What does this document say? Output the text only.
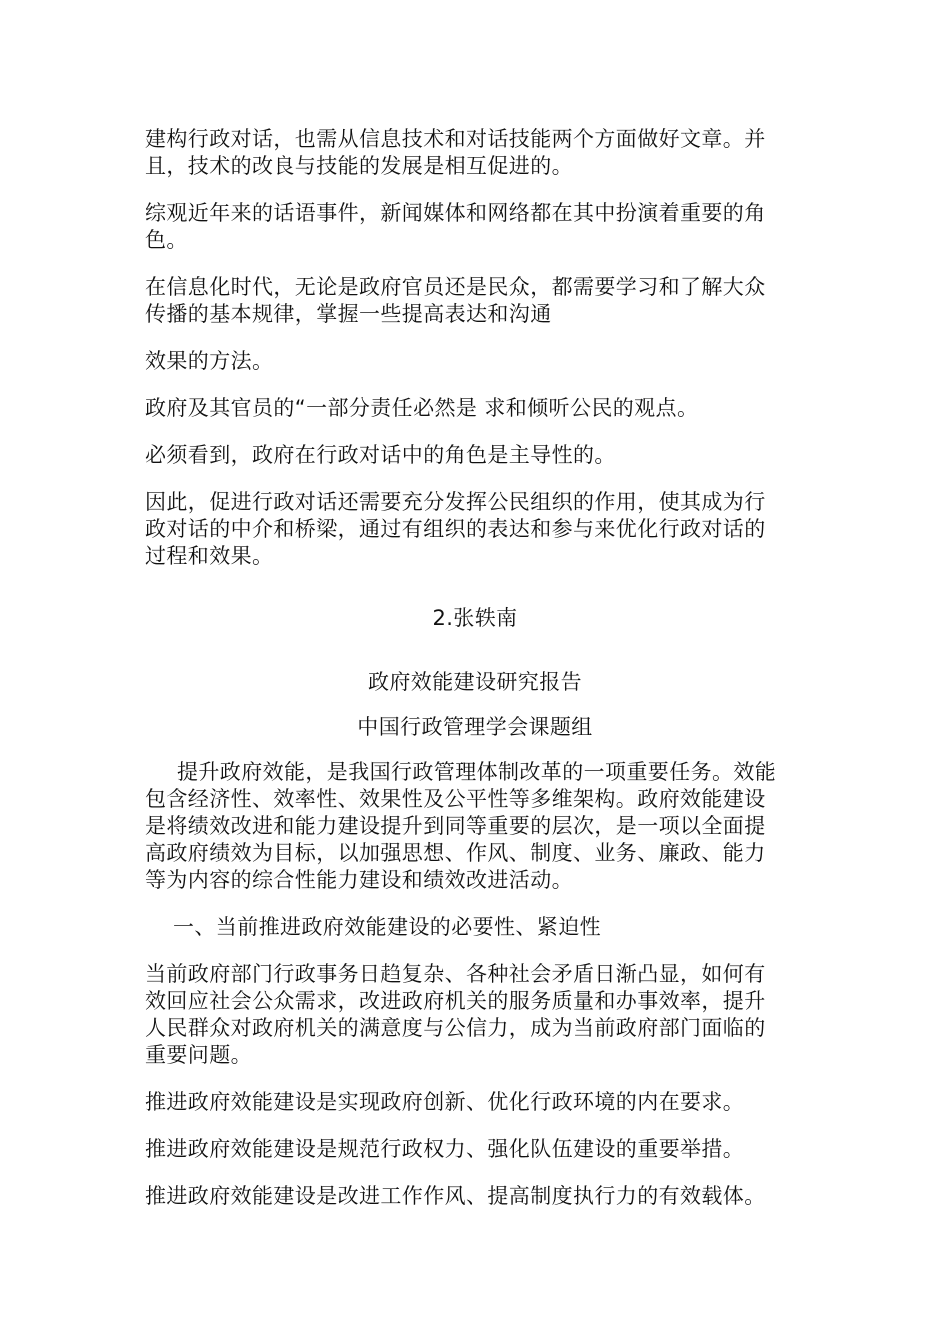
建构行政对话，也需从信息技术和对话技能两个方面做好文章。并
且，技术的改良与技能的发展是相互促进的。

综观近年来的话语事件，新闻媒体和网络都在其中扮演着重要的角
色。

在信息化时代，无论是政府官员还是民众，都需要学习和了解大众
传播的基本规律，掌握一些提高表达和沟通

效果的方法。

政府及其官员的“一部分责任必然是 求和倾听公民的观点。

必须看到，政府在行政对话中的角色是主导性的。

因此，促进行政对话还需要充分发挥公民组织的作用，使其成为行
政对话的中介和桥梁，通过有组织的表达和参与来优化行政对话的
过程和效果。

2.张轶南

政府效能建设研究报告

中国行政管理学会课题组

提升政府效能，是我国行政管理体制改革的一项重要任务。效能
包含经济性、效率性、效果性及公平性等多维架构。政府效能建设
是将绩效改进和能力建设提升到同等重要的层次，是一项以全面提
高政府绩效为目标，以加强思想、作风、制度、业务、廉政、能力
等为内容的综合性能力建设和绩效改进活动。

一、当前推进政府效能建设的必要性、紧迫性

当前政府部门行政事务日趋复杂、各种社会矛盾日渐凸显，如何有
效回应社会公众需求，改进政府机关的服务质量和办事效率，提升
人民群众对政府机关的满意度与公信力，成为当前政府部门面临的
重要问题。

推进政府效能建设是实现政府创新、优化行政环境的内在要求。

推进政府效能建设是规范行政权力、强化队伍建设的重要举措。

推进政府效能建设是改进工作作风、提高制度执行力的有效载体。
